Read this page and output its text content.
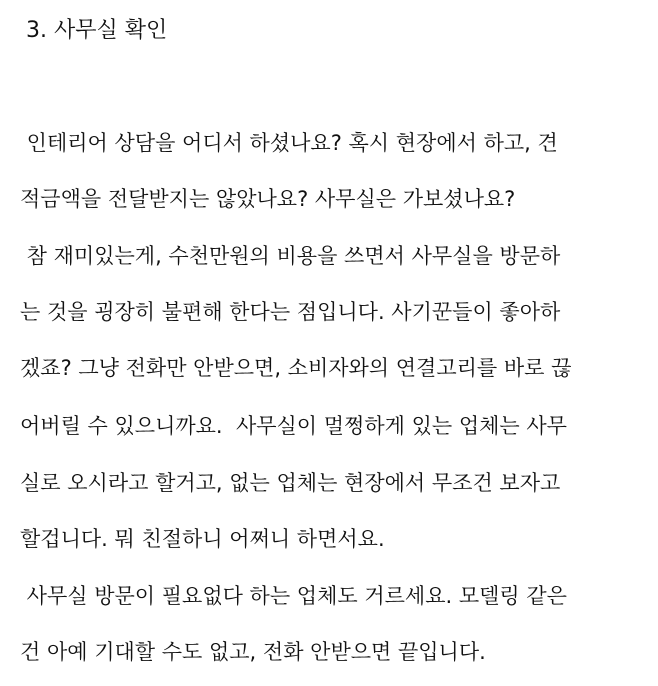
3. 사무실 확인
인테리어 상담을 어디서 하셨나요? 혹시 현장에서 하고, 견
적금액을 전달받지는 않았나요? 사무실은 가보셨나요?
참 재미있는게, 수천만원의 비용을 쓰면서 사무실을 방문하
는 것을 굉장히 불편해 한다는 점입니다. 사기꾼들이 좋아하
겠죠? 그냥 전화만 안받으면, 소비자와의 연결고리를 바로 끊
어버릴 수 있으니까요.  사무실이 멀쩡하게 있는 업체는 사무
실로 오시라고 할거고, 없는 업체는 현장에서 무조건 보자고
할겁니다. 뭐 친절하니 어쩌니 하면서요.
사무실 방문이 필요없다 하는 업체도 거르세요. 모델링 같은
건 아예 기대할 수도 없고, 전화 안받으면 끝입니다.
